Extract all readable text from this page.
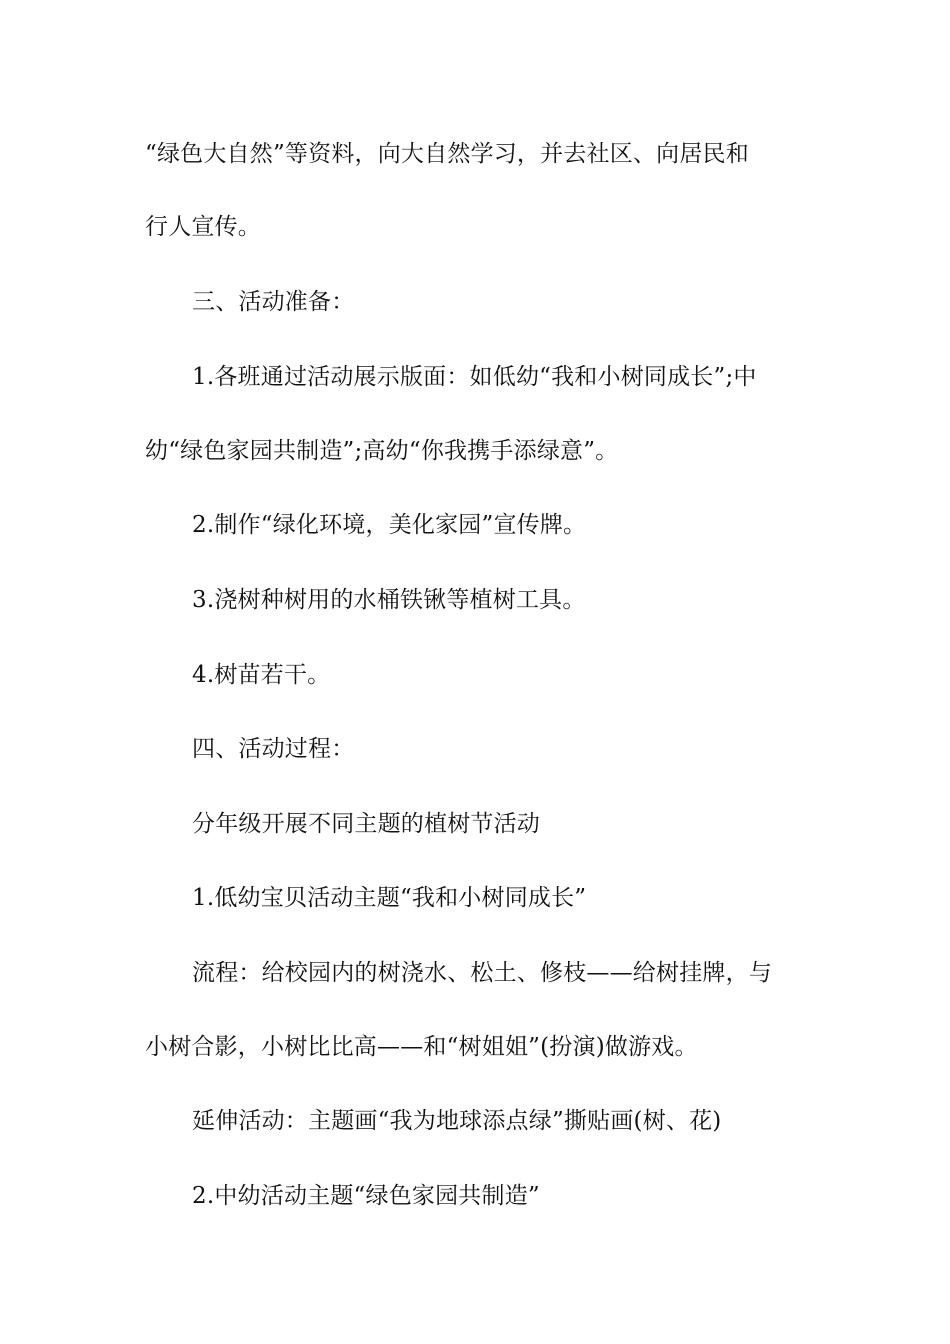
“绿色大自然”等资料，向大自然学习，并去社区、向居民和
行人宣传。
三、活动准备：
1.各班通过活动展示版面：如低幼“我和小树同成长”;中
幼“绿色家园共制造”;高幼“你我携手添绿意”。
2.制作“绿化环境，美化家园”宣传牌。
3.浇树种树用的水桶铁锹等植树工具。
4.树苗若干。
四、活动过程：
分年级开展不同主题的植树节活动
1.低幼宝贝活动主题“我和小树同成长”
流程：给校园内的树浇水、松土、修枝——给树挂牌，与
小树合影，小树比比高——和“树姐姐”(扮演)做游戏。
延伸活动：主题画“我为地球添点绿”撕贴画(树、花)
2.中幼活动主题“绿色家园共制造”
